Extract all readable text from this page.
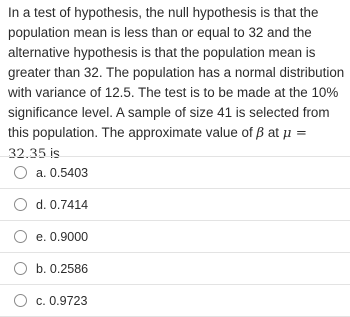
In a test of hypothesis, the null hypothesis is that the population mean is less than or equal to 32 and the alternative hypothesis is that the population mean is greater than 32. The population has a normal distribution with variance of 12.5. The test is to be made at the 10% significance level. A sample of size 41 is selected from this population. The approximate value of β at μ = 32.35 is

a. 0.5403
d. 0.7414
e. 0.9000
b. 0.2586
c. 0.9723
